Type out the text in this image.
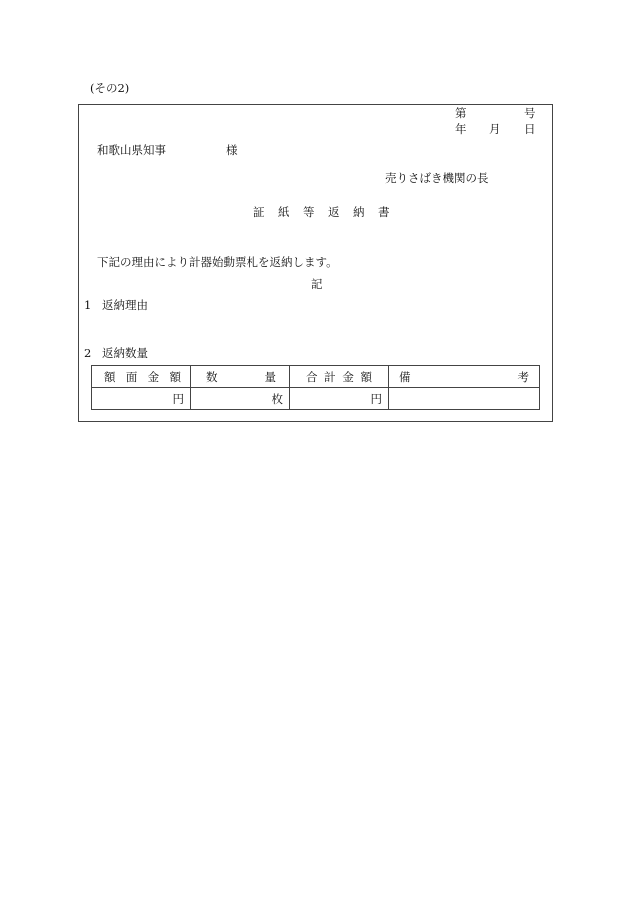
(その2)
第	号
年 月 日
和歌山県知事	様
売りさばき機関の長
証紙等返納書
下記の理由により計器始動票札を返納します。
記
1 返納理由
2 返納数量
額 面 金 額	数 量	合 計 金 額	備 考

円	枚	円	
